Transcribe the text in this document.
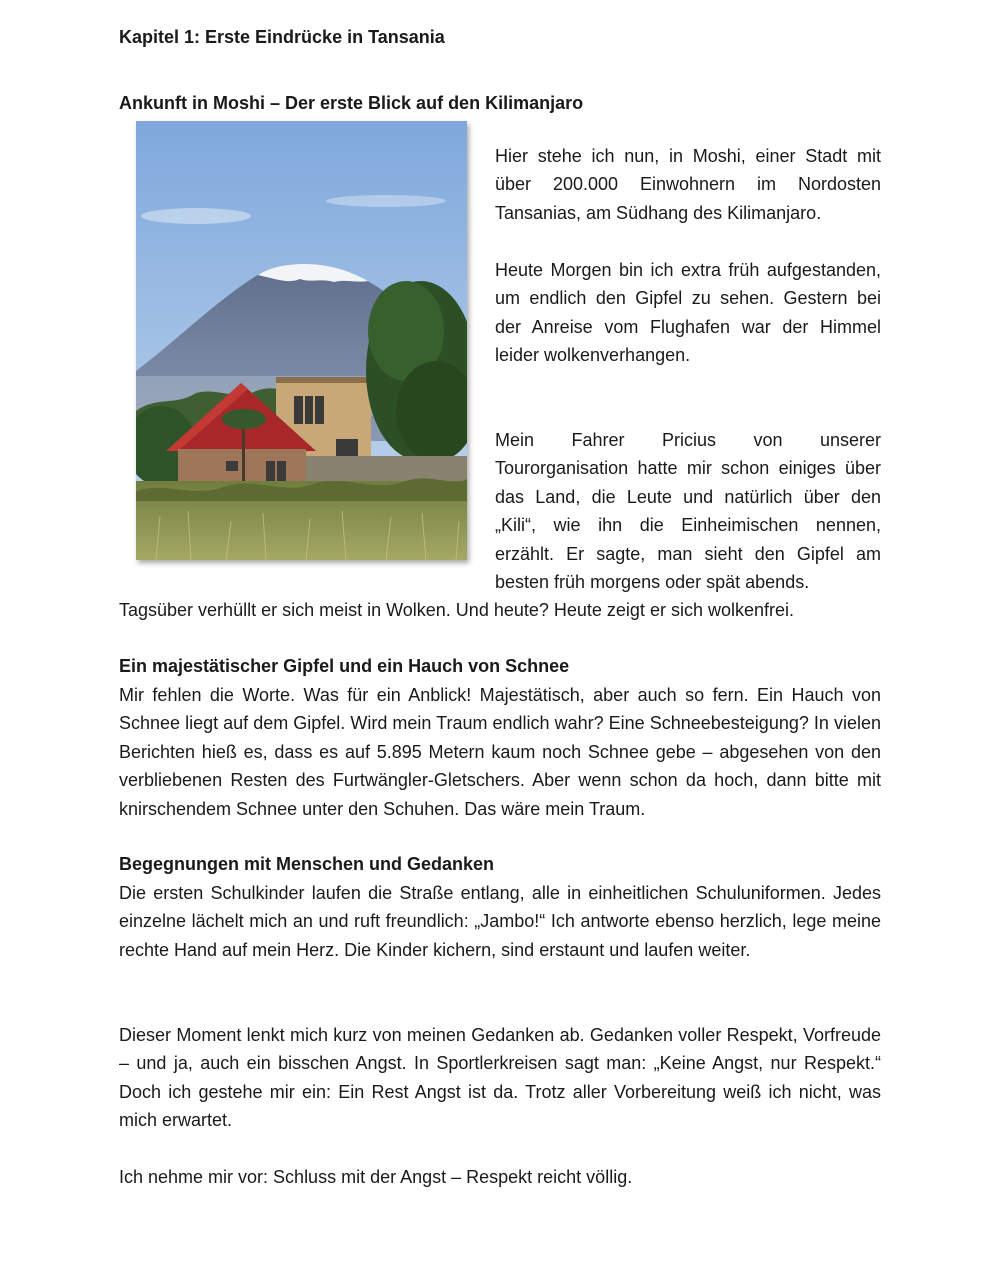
Kapitel 1: Erste Eindrücke in Tansania
Ankunft in Moshi – Der erste Blick auf den Kilimanjaro

Hier stehe ich nun, in Moshi, einer Stadt mit über 200.000 Einwohnern im Nordosten Tansanias, am Südhang des Kilimanjaro.

Heute Morgen bin ich extra früh aufgestanden, um endlich den Gipfel zu sehen. Gestern bei der Anreise vom Flughafen war der Himmel leider wolkenverhangen.

Mein Fahrer Pricius von unserer Tourorganisation hatte mir schon einiges über das Land, die Leute und natürlich über den „Kili“, wie ihn die Einheimischen nennen, erzählt. Er sagte, man sieht den Gipfel am besten früh morgens oder spät abends.

Tagsüber verhüllt er sich meist in Wolken. Und heute? Heute zeigt er sich wolkenfrei.

Ein majestätischer Gipfel und ein Hauch von Schnee

Mir fehlen die Worte. Was für ein Anblick! Majestätisch, aber auch so fern. Ein Hauch von Schnee liegt auf dem Gipfel. Wird mein Traum endlich wahr? Eine Schneebesteigung? In vielen Berichten hieß es, dass es auf 5.895 Metern kaum noch Schnee gebe – abgesehen von den verbliebenen Resten des Furtwängler-Gletschers. Aber wenn schon da hoch, dann bitte mit knirschendem Schnee unter den Schuhen. Das wäre mein Traum.

Begegnungen mit Menschen und Gedanken

Die ersten Schulkinder laufen die Straße entlang, alle in einheitlichen Schuluniformen. Jedes einzelne lächelt mich an und ruft freundlich: „Jambo!“ Ich antworte ebenso herzlich, lege meine rechte Hand auf mein Herz. Die Kinder kichern, sind erstaunt und laufen weiter.

Dieser Moment lenkt mich kurz von meinen Gedanken ab. Gedanken voller Respekt, Vorfreude – und ja, auch ein bisschen Angst. In Sportlerkreisen sagt man: „Keine Angst, nur Respekt.“ Doch ich gestehe mir ein: Ein Rest Angst ist da. Trotz aller Vorbereitung weiß ich nicht, was mich erwartet.

Ich nehme mir vor: Schluss mit der Angst – Respekt reicht völlig.
